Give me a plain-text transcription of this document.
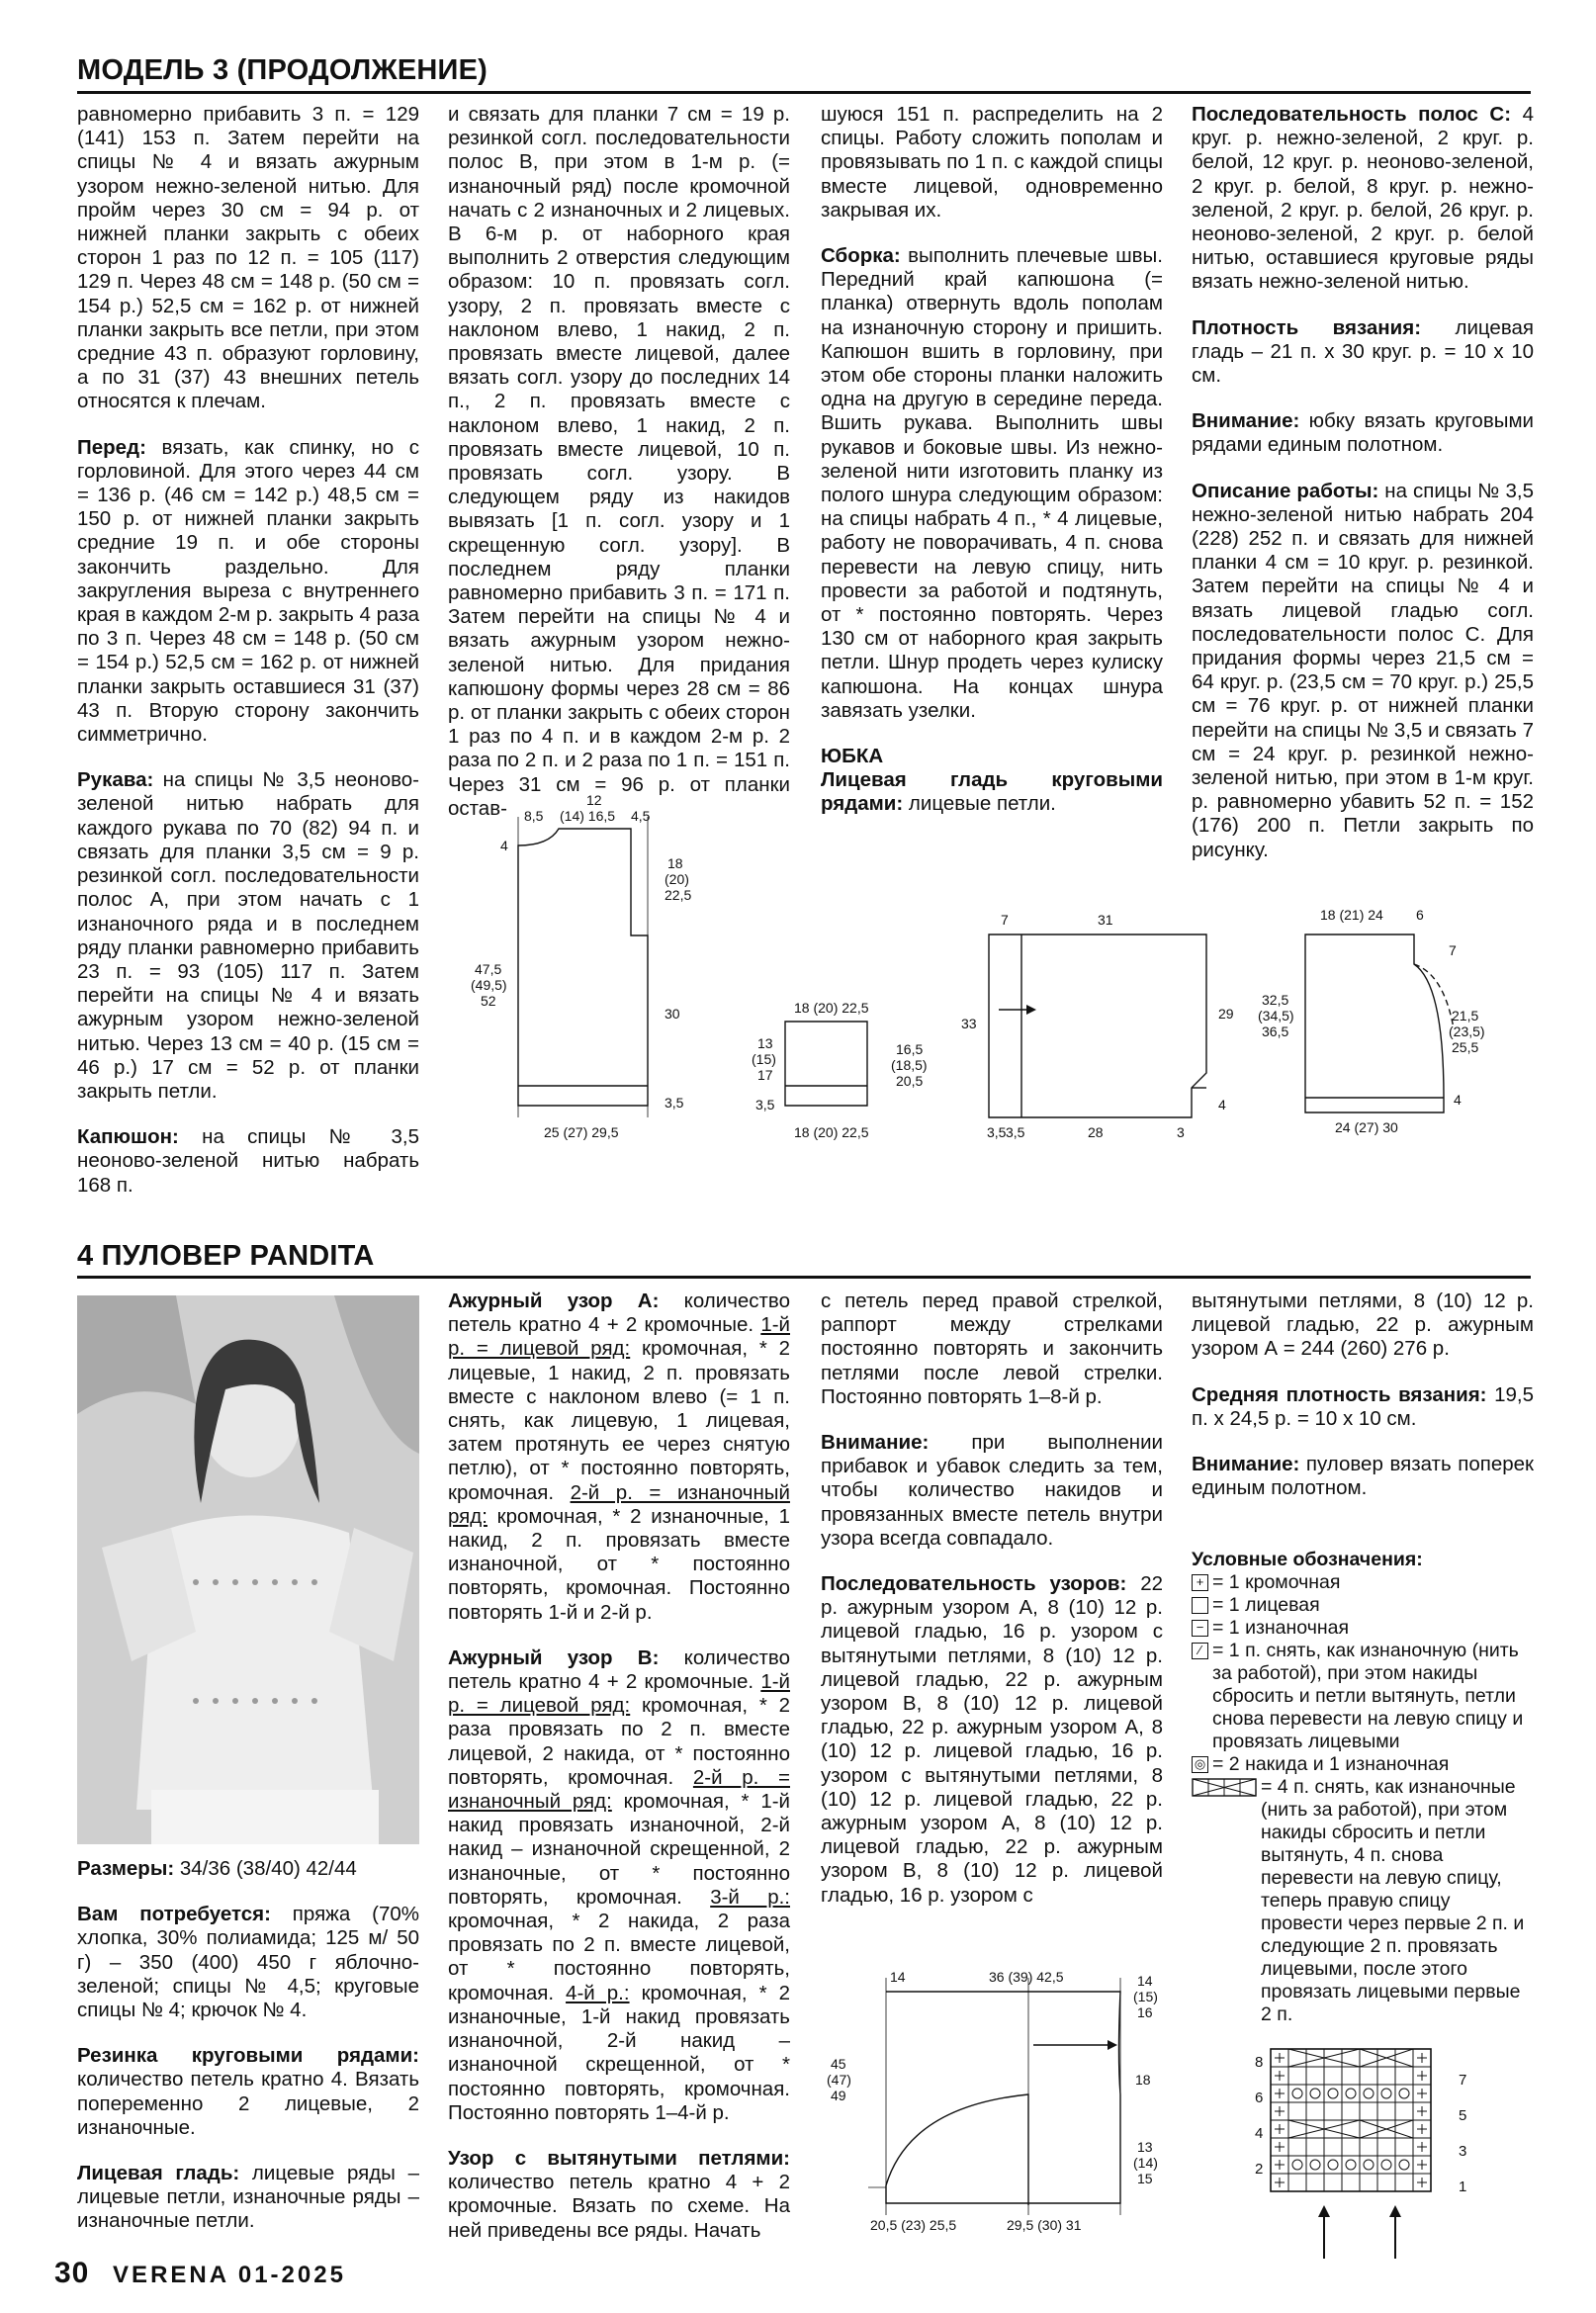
МОДЕЛЬ 3 (ПРОДОЛЖЕНИЕ)

равномерно прибавить 3 п. = 129 (141) 153 п. Затем перейти на спицы № 4 и вязать ажурным узором нежно-зеленой нитью. Для пройм через 30 см = 94 р. от нижней планки закрыть с обеих сторон 1 раз по 12 п. = 105 (117) 129 п. Через 48 см = 148 р. (50 см = 154 р.) 52,5 см = 162 р. от нижней планки закрыть все петли, при этом средние 43 п. образуют горловину, а по 31 (37) 43 внешних петель относятся к плечам.

Перед: вязать, как спинку, но с горловиной. Для этого через 44 см = 136 р. (46 см = 142 р.) 48,5 см = 150 р. от нижней планки закрыть средние 19 п. и обе стороны закончить раздельно. Для закругления выреза с внутреннего края в каждом 2-м р. закрыть 4 раза по 3 п. Через 48 см = 148 р. (50 см = 154 р.) 52,5 см = 162 р. от нижней планки закрыть оставшиеся 31 (37) 43 п. Вторую сторону закончить симметрично.

Рукава: на спицы № 3,5 неоново-зеленой нитью набрать для каждого рукава по 70 (82) 94 п. и связать для планки 3,5 см = 9 р. резинкой согл. последовательности полос А, при этом начать с 1 изнаночного ряда и в последнем ряду планки равномерно прибавить 23 п. = 93 (105) 117 п. Затем перейти на спицы № 4 и вязать ажурным узором нежно-зеленой нитью. Через 13 см = 40 р. (15 см = 46 р.) 17 см = 52 р. от планки закрыть петли.

Капюшон: на спицы № 3,5 неоново-зеленой нитью набрать 168 п.

и связать для планки 7 см = 19 р. резинкой согл. последовательности полос В, при этом в 1-м р. (= изнаночный ряд) после кромочной начать с 2 изнаночных и 2 лицевых. В 6-м р. от наборного края выполнить 2 отверстия следующим образом: 10 п. провязать согл. узору, 2 п. провязать вместе с наклоном влево, 1 накид, 2 п. провязать вместе лицевой, далее вязать согл. узору до последних 14 п., 2 п. провязать вместе с наклоном влево, 1 накид, 2 п. провязать вместе лицевой, 10 п. провязать согл. узору. В следующем ряду из накидов вывязать [1 п. согл. узору и 1 скрещенную согл. узору]. В последнем ряду планки равномерно прибавить 3 п. = 171 п. Затем перейти на спицы № 4 и вязать ажурным узором нежно-зеленой нитью. Для придания капюшону формы через 28 см = 86 р. от планки закрыть с обеих сторон 1 раз по 4 п. и в каждом 2-м р. 2 раза по 2 п. и 2 раза по 1 п. = 151 п. Через 31 см = 96 р. от планки остав-

шуюся 151 п. распределить на 2 спицы. Работу сложить пополам и провязывать по 1 п. с каждой спицы вместе лицевой, одновременно закрывая их.

Сборка: выполнить плечевые швы. Передний край капюшона (= планка) отвернуть вдоль пополам на изнаночную сторону и пришить. Капюшон вшить в горловину, при этом обе стороны планки наложить одна на другую в середине переда. Вшить рукава. Выполнить швы рукавов и боковые швы. Из нежно-зеленой нити изготовить планку из полого шнура следующим образом: на спицы набрать 4 п., * 4 лицевые, работу не поворачивать, 4 п. снова перевести на левую спицу, нить провести за работой и подтянуть, от * постоянно повторять. Через 130 см от наборного края закрыть петли. Шнур продеть через кулиску капюшона. На концах шнура завязать узелки.

ЮБКА

Лицевая гладь круговыми рядами: лицевые петли.

Последовательность полос С: 4 круг. р. нежно-зеленой, 2 круг. р. белой, 12 круг. р. неоново-зеленой, 2 круг. р. белой, 8 круг. р. нежно-зеленой, 2 круг. р. белой, 26 круг. р. неоново-зеленой, 2 круг. р. белой нитью, оставшиеся круговые ряды вязать нежно-зеленой нитью.

Плотность вязания: лицевая гладь – 21 п. х 30 круг. р. = 10 х 10 см.

Внимание: юбку вязать круговыми рядами единым полотном.

Описание работы: на спицы № 3,5 нежно-зеленой нитью набрать 204 (228) 252 п. и связать для нижней планки 4 см = 10 круг. р. резинкой. Затем перейти на спицы № 4 и вязать лицевой гладью согл. последовательности полос С. Для придания формы через 21,5 см = 64 круг. р. (23,5 см = 70 круг. р.) 25,5 см = 76 круг. р. от нижней планки перейти на спицы № 3,5 и связать 7 см = 24 круг. р. резинкой нежно-зеленой нитью, при этом в 1-м круг. р. равномерно убавить 52 п. = 152 (176) 200 п. Петли закрыть по рисунку.

12
8,5 (14) 16,5 4,5
4
18
(20)
22,5
47,5
(49,5)
52
30
3,5
25 (27) 29,5
18 (20) 22,5
13
(15)
17
16,5
(18,5)
20,5
3,5
18 (20) 22,5
7	31
33
29
4
3,5 3,5	28	3
18 (21) 24 6
7
32,5
(34,5)
36,5
21,5
(23,5)
25,5
4
24 (27) 30
4 ПУЛОВЕР PANDITA

Размеры: 34/36 (38/40) 42/44

Вам потребуется: пряжа (70% хлопка, 30% полиамида; 125 м/ 50 г) – 350 (400) 450 г яблочно-зеленой; спицы № 4,5; круговые спицы № 4; крючок № 4.

Резинка круговыми рядами: количество петель кратно 4. Вязать попеременно 2 лицевые, 2 изнаночные.

Лицевая гладь: лицевые ряды – лицевые петли, изнаночные ряды – изнаночные петли.

Ажурный узор А: количество петель кратно 4 + 2 кромочные. 1-й р. = лицевой ряд: кромочная, * 2 лицевые, 1 накид, 2 п. провязать вместе с наклоном влево (= 1 п. снять, как лицевую, 1 лицевая, затем протянуть ее через снятую петлю), от * постоянно повторять, кромочная. 2-й р. = изнаночный ряд: кромочная, * 2 изнаночные, 1 накид, 2 п. провязать вместе изнаночной, от * постоянно повторять, кромочная. Постоянно повторять 1-й и 2-й р.

Ажурный узор В: количество петель кратно 4 + 2 кромочные. 1-й р. = лицевой ряд: кромочная, * 2 раза провязать по 2 п. вместе лицевой, 2 накида, от * постоянно повторять, кромочная. 2-й р. = изнаночный ряд: кромочная, * 1-й накид провязать изнаночной, 2-й накид – изнаночной скрещенной, 2 изнаночные, от * постоянно повторять, кромочная. 3-й р.: кромочная, * 2 накида, 2 раза провязать по 2 п. вместе лицевой, от * постоянно повторять, кромочная. 4-й р.: кромочная, * 2 изнаночные, 1-й накид провязать изнаночной, 2-й накид – изнаночной скрещенной, от * постоянно повторять, кромочная. Постоянно повторять 1–4-й р.

Узор с вытянутыми петлями: количество петель кратно 4 + 2 кромочные. Вязать по схеме. На ней приведены все ряды. Начать

с петель перед правой стрелкой, раппорт между стрелками постоянно повторять и закончить петлями после левой стрелки. Постоянно повторять 1–8-й р.

Внимание: при выполнении прибавок и убавок следить за тем, чтобы количество накидов и провязанных вместе петель внутри узора всегда совпадало.

Последовательность узоров: 22 р. ажурным узором А, 8 (10) 12 р. лицевой гладью, 16 р. узором с вытянутыми петлями, 8 (10) 12 р. лицевой гладью, 22 р. ажурным узором В, 8 (10) 12 р. лицевой гладью, 22 р. ажурным узором А, 8 (10) 12 р. лицевой гладью, 16 р. узором с вытянутыми петлями, 8 (10) 12 р. лицевой гладью, 22 р. ажурным узором А, 8 (10) 12 р. лицевой гладью, 22 р. ажурным узором В, 8 (10) 12 р. лицевой гладью, 16 р. узором с

вытянутыми петлями, 8 (10) 12 р. лицевой гладью, 22 р. ажурным узором А = 244 (260) 276 р.

Средняя плотность вязания: 19,5 п. х 24,5 р. = 10 х 10 см.

Внимание: пуловер вязать поперек единым полотном.

Условные обозначения:
+ = 1 кромочная
= 1 лицевая
− = 1 изнаночная
⁄ = 1 п. снять, как изнаночную (нить за работой), при этом накиды сбросить и петли вытянуть, петли снова перевести на левую спицу и провязать лицевыми
◎ = 2 накида и 1 изнаночная
= 4 п. снять, как изнаночные (нить за работой), при этом накиды сбросить и петли вытянуть, 4 п. снова перевести на левую спицу, теперь правую спицу провести через первые 2 п. и следующие 2 п. провязать лицевыми, после этого провязать лицевыми первые 2 п.
8
6
4
2
7
5
3
1
14	36 (39) 42,5	14
(15)
16
18
45
(47)
49
13
(14)
15
20,5 (23) 25,5	29,5 (30) 31
30 VERENA 01-2025
